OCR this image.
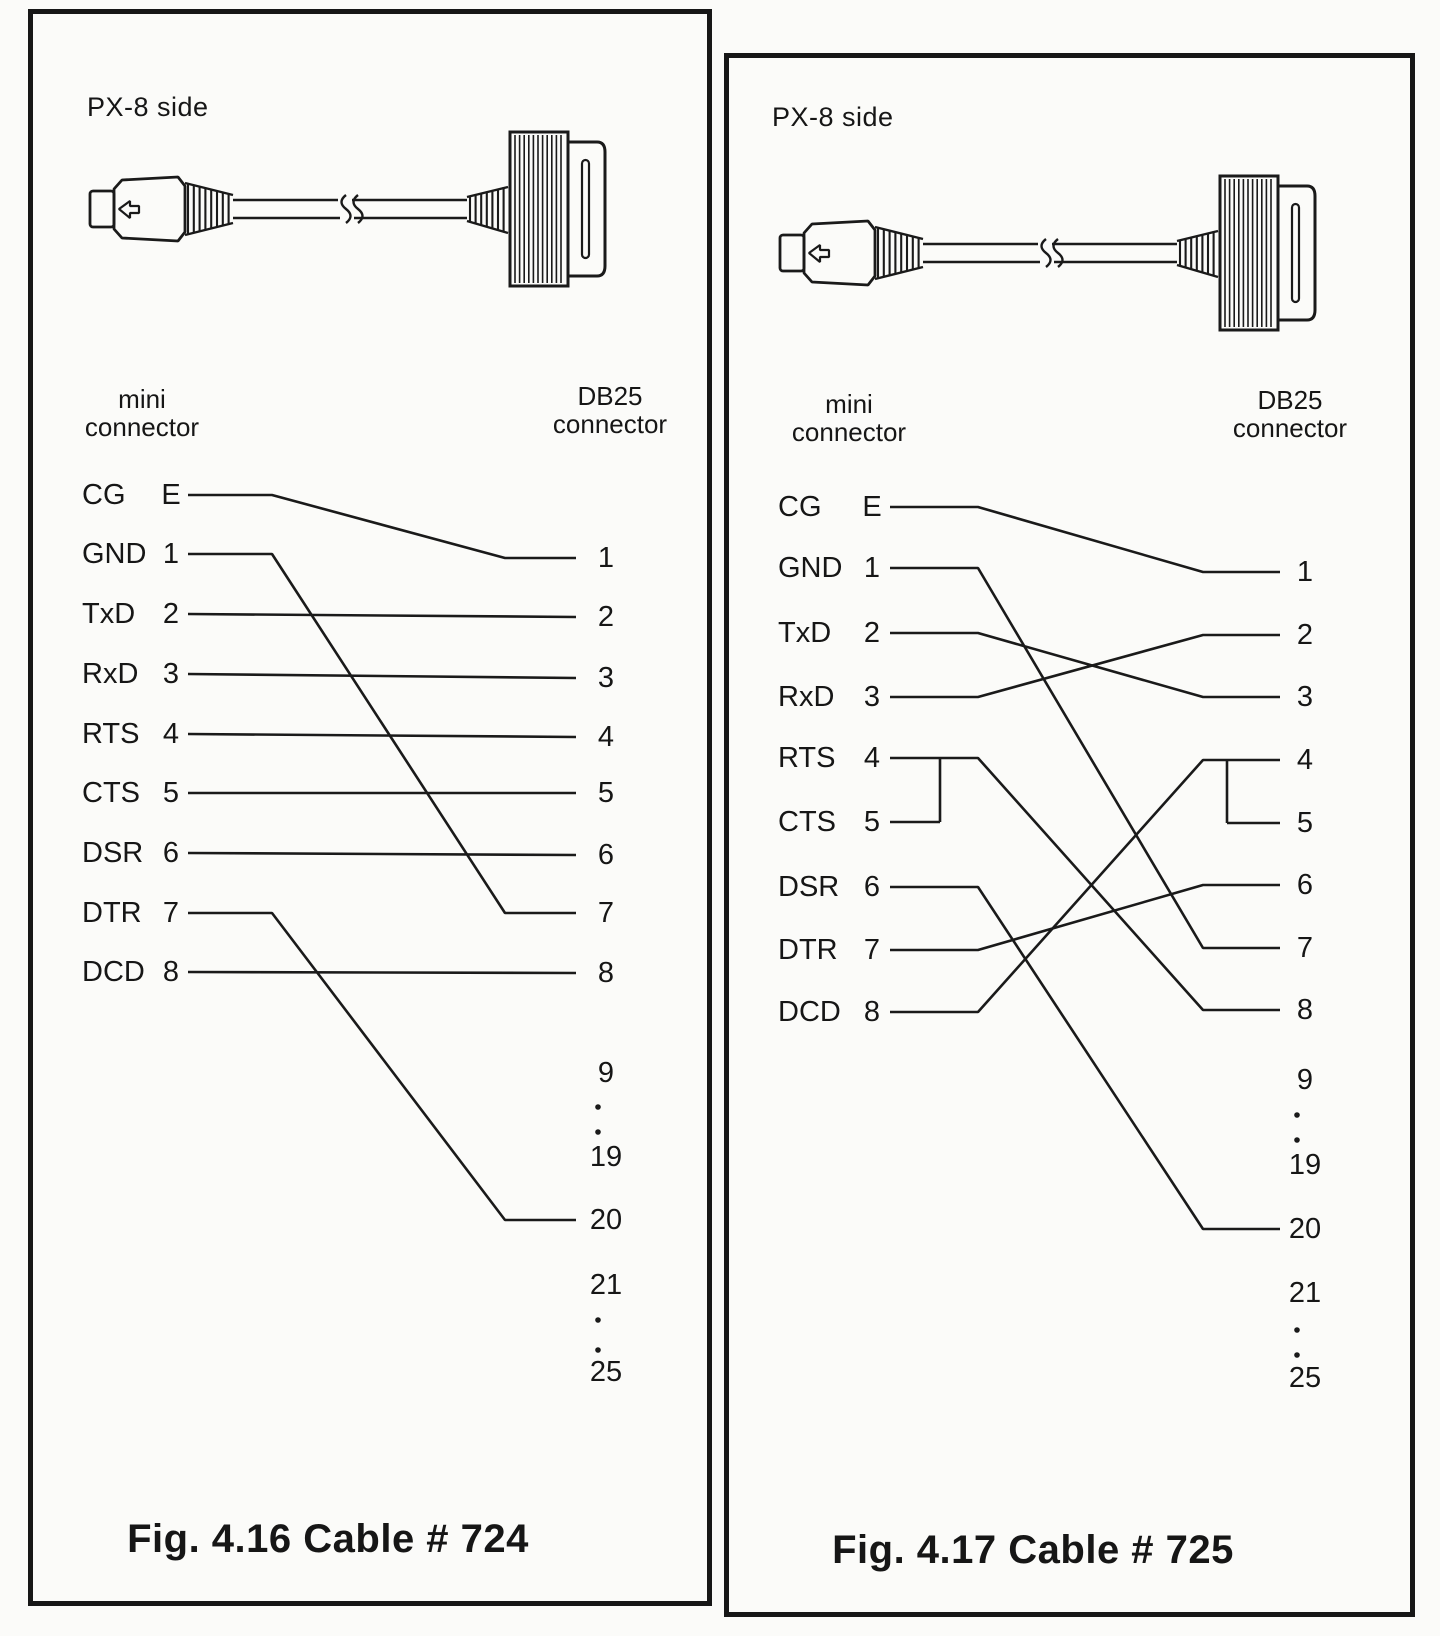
PX-8 side
mini
connector
DB25
connector
CG	E
GND 1
TxD 2
RxD 3
RTS 4
CTS 5
DSR 6
DTR 7
DCD 8
1
2
3
4
5
6
7
8
9
19
20
21
25
Fig. 4.16 Cable # 724
PX-8 side
mini
connector
DB25
connector
CG	E
GND 1
TxD	2
RxD	3
RTS 4
CTS 5
DSR 6
DTR 7
DCD 8
1
2
3
4
5
6
7
8
9
19
20
21
25
Fig. 4.17 Cable # 725
